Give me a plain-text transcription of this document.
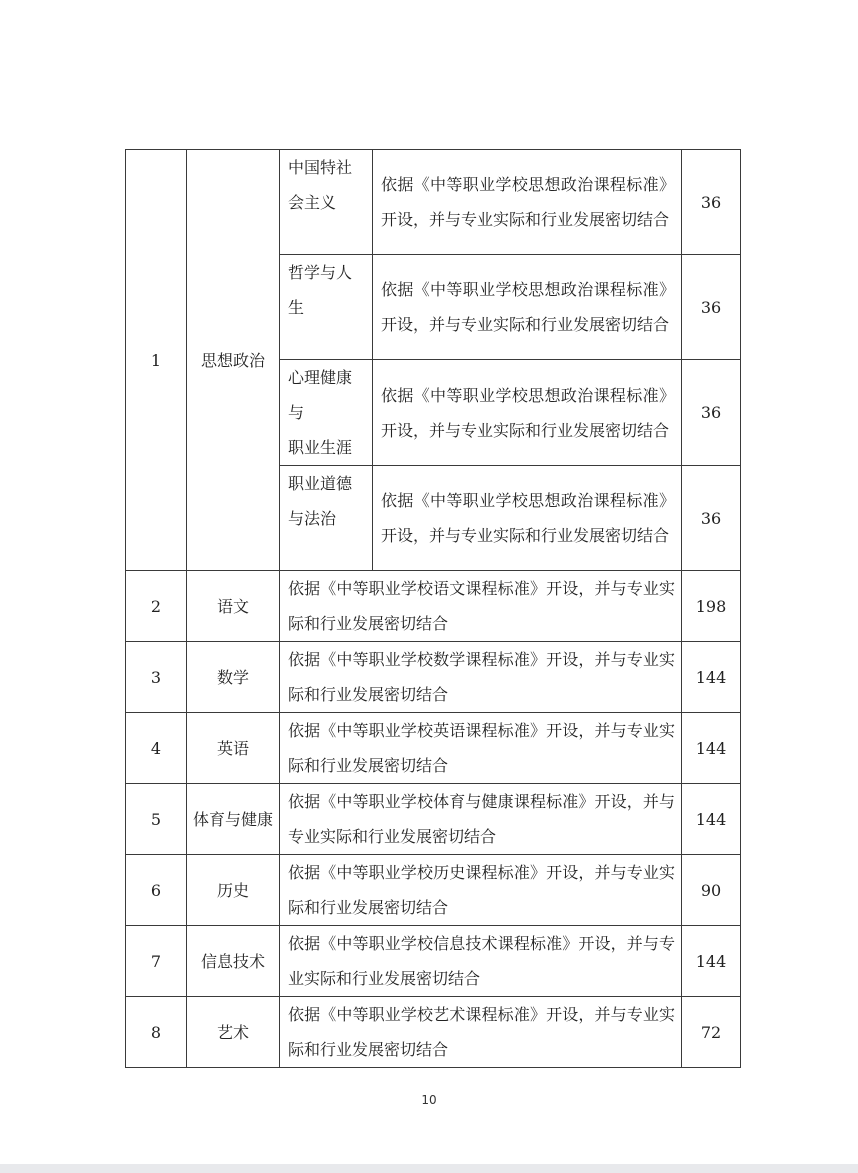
1	思想政治	中国特社会主义	依据《中等职业学校思想政治课程标准》开设，并与专业实际和行业发展密切结合	36
		哲学与人生	依据《中等职业学校思想政治课程标准》开设，并与专业实际和行业发展密切结合	36

		心理健康
与
职业生涯	依据《中等职业学校思想政治课程标准》开设，并与专业实际和行业发展密切结合	36
		职业道德与法治	依据《中等职业学校思想政治课程标准》开设，并与专业实际和行业发展密切结合	36
2	语文	依据《中等职业学校语文课程标准》开设，并与专业实际和行业发展密切结合		198
3	数学	依据《中等职业学校数学课程标准》开设，并与专业实际和行业发展密切结合		144
4	英语	依据《中等职业学校英语课程标准》开设，并与专业实际和行业发展密切结合		144
5	体育与健康	依据《中等职业学校体育与健康课程标准》开设，并与专业实际和行业发展密切结合		144
6	历史	依据《中等职业学校历史课程标准》开设，并与专业实际和行业发展密切结合		90
7	信息技术	依据《中等职业学校信息技术课程标准》开设，并与专业实际和行业发展密切结合		144
8	艺术	依据《中等职业学校艺术课程标准》开设，并与专业实际和行业发展密切结合		72
10
